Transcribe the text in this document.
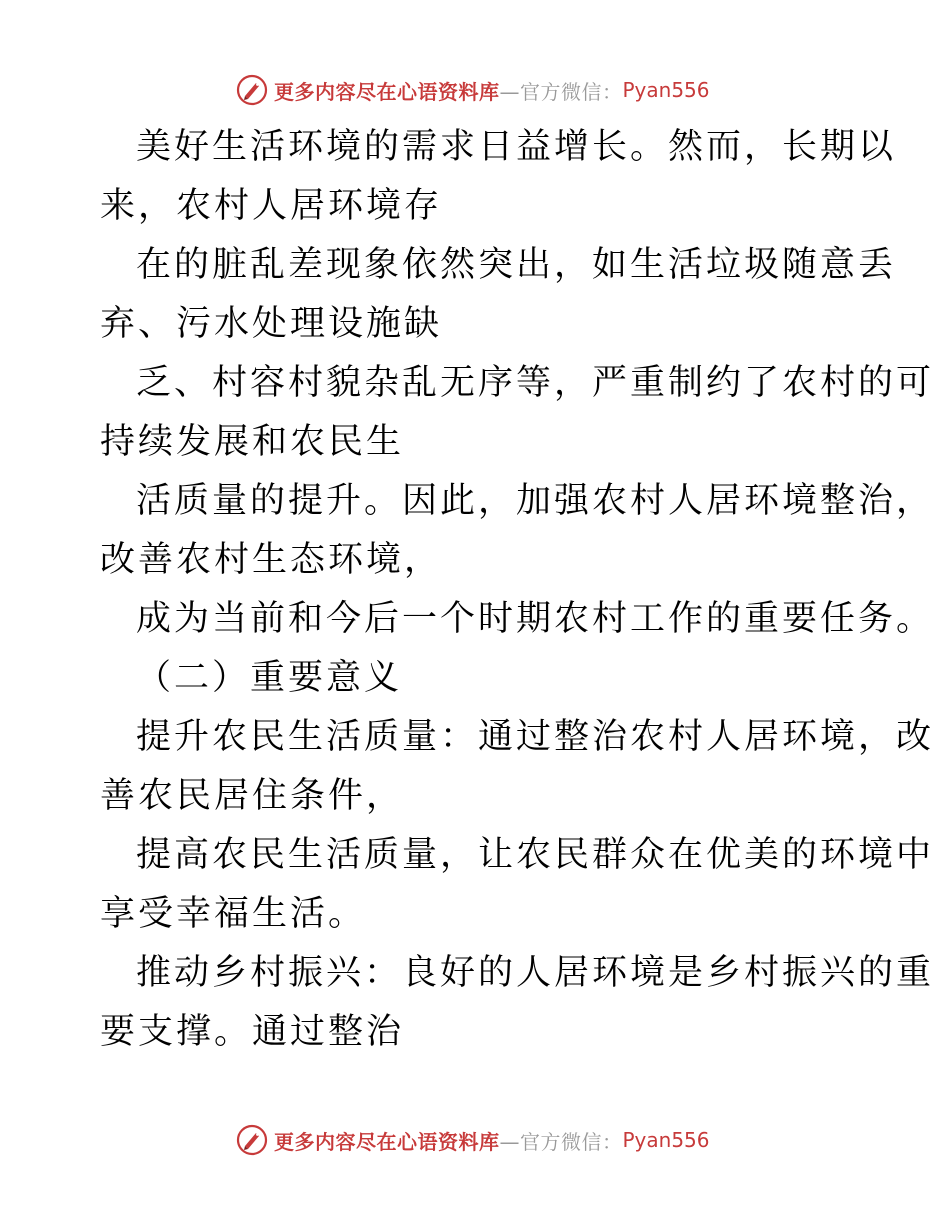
更多内容尽在心语资料库 —官方微信： Pyan556
美好生活环境的需求日益增长。然而，长期以
来，农村人居环境存
在的脏乱差现象依然突出，如生活垃圾随意丢
弃、污水处理设施缺
乏、村容村貌杂乱无序等，严重制约了农村的可
持续发展和农民生
活质量的提升。因此，加强农村人居环境整治，
改善农村生态环境，
成为当前和今后一个时期农村工作的重要任务。
（二）重要意义
提升农民生活质量：通过整治农村人居环境，改
善农民居住条件，
提高农民生活质量，让农民群众在优美的环境中
享受幸福生活。
推动乡村振兴：良好的人居环境是乡村振兴的重
要支撑。通过整治
更多内容尽在心语资料库 —官方微信： Pyan556
